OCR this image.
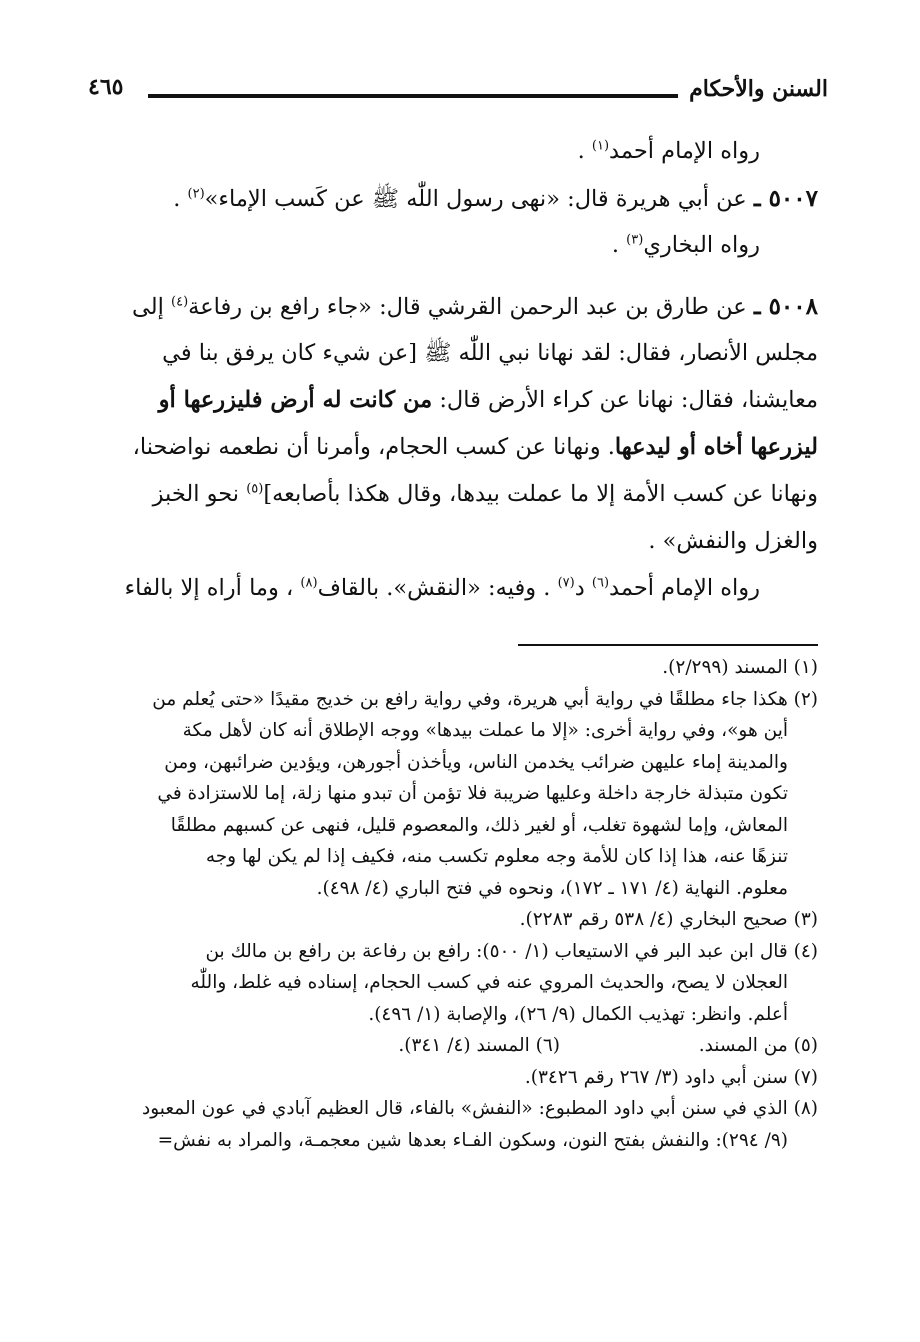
السنن والأحكام
٤٦٥
رواه الإمام أحمد$^{(١)}$ .
٥٠٠٧ ـ عن أبي هريرة قال: «نهى رسول اللّٰه ﷺ عن كَسب الإماء»$^{(٢)}$ .
رواه البخاري$^{(٣)}$ .
٥٠٠٨ ـ عن طارق بن عبد الرحمن القرشي قال: «جاء رافع بن رفاعة$^{(٤)}$ إلى
مجلس الأنصار، فقال: لقد نهانا نبي اللّٰه ﷺ [عن شيء كان يرفق بنا في
معايشنا، فقال: نهانا عن كراء الأرض قال: من كانت له أرض فليزرعها أو
ليزرعها أخاه أو ليدعها. ونهانا عن كسب الحجام، وأمرنا أن نطعمه نواضحنا،
ونهانا عن كسب الأمة إلا ما عملت بيدها، وقال هكذا بأصابعه]$^{(٥)}$ نحو الخبز
والغزل والنفش» .
رواه الإمام أحمد$^{(٦)}$ د$^{(٧)}$ . وفيه: «النقش». بالقاف$^{(٨)}$ ، وما أراه إلا بالفاء
(١) المسند (٢/٢٩٩).
(٢) هكذا جاء مطلقًا في رواية أبي هريرة، وفي رواية رافع بن خديج مقيدًا «حتى يُعلم من
أين هو»، وفي رواية أخرى: «إلا ما عملت بيدها» ووجه الإطلاق أنه كان لأهل مكة
والمدينة إماء عليهن ضرائب يخدمن الناس، ويأخذن أجورهن، ويؤدين ضرائبهن، ومن
تكون متبذلة خارجة داخلة وعليها ضريبة فلا تؤمن أن تبدو منها زلة، إما للاستزادة في
المعاش، وإما لشهوة تغلب، أو لغير ذلك، والمعصوم قليل، فنهى عن كسبهم مطلقًا
تنزهًا عنه، هذا إذا كان للأمة وجه معلوم تكسب منه، فكيف إذا لم يكن لها وجه
معلوم. النهاية (٤/ ١٧١ ـ ١٧٢)، ونحوه في فتح الباري (٤/ ٤٩٨).
(٣) صحيح البخاري (٤/ ٥٣٨ رقم ٢٢٨٣).
(٤) قال ابن عبد البر في الاستيعاب (١/ ٥٠٠): رافع بن رفاعة بن رافع بن مالك بن
العجلان لا يصح، والحديث المروي عنه في كسب الحجام، إسناده فيه غلط، واللّٰه
أعلم. وانظر: تهذيب الكمال (٩/ ٢٦)، والإصابة (١/ ٤٩٦).
(٥) من المسند.
(٦) المسند (٤/ ٣٤١).
(٧) سنن أبي داود (٣/ ٢٦٧ رقم ٣٤٢٦).
(٨) الذي في سنن أبي داود المطبوع: «النفش» بالفاء، قال العظيم آبادي في عون المعبود
(٩/ ٢٩٤): والنفش بفتح النون، وسكون الفـاء بعدها شين معجمـة، والمراد به نفش=
